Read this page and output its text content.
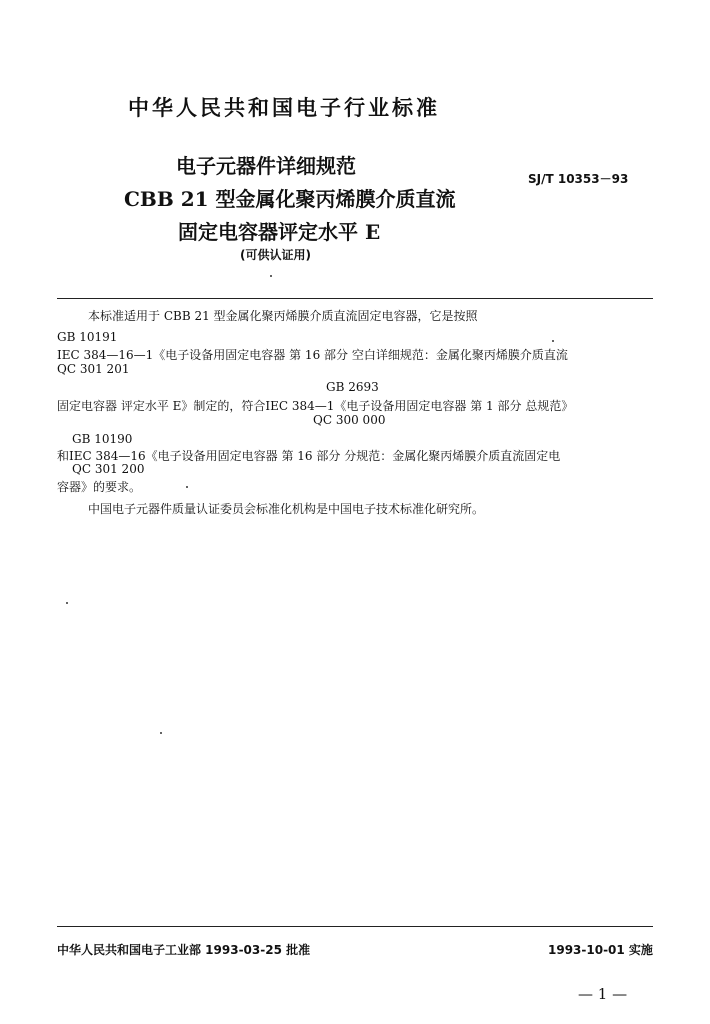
中华人民共和国电子行业标准
电子元器件详细规范
CBB 21 型金属化聚丙烯膜介质直流
固定电容器评定水平 E
(可供认证用)
SJ/T 10353－93
本标准适用于 CBB 21 型金属化聚丙烯膜介质直流固定电容器，它是按照
GB 10191
IEC 384—16—1《电子设备用固定电容器 第 16 部分 空白详细规范：金属化聚丙烯膜介质直流
QC 301 201
GB 2693
固定电容器 评定水平 E》制定的，符合IEC 384—1《电子设备用固定电容器 第 1 部分 总规范》
QC 300 000
GB 10190
和IEC 384—16《电子设备用固定电容器 第 16 部分 分规范：金属化聚丙烯膜介质直流固定电
QC 301 200
容器》的要求。
中国电子元器件质量认证委员会标准化机构是中国电子技术标准化研究所。
中华人民共和国电子工业部 1993-03-25 批准	1993-10-01 实施
— 1 —
